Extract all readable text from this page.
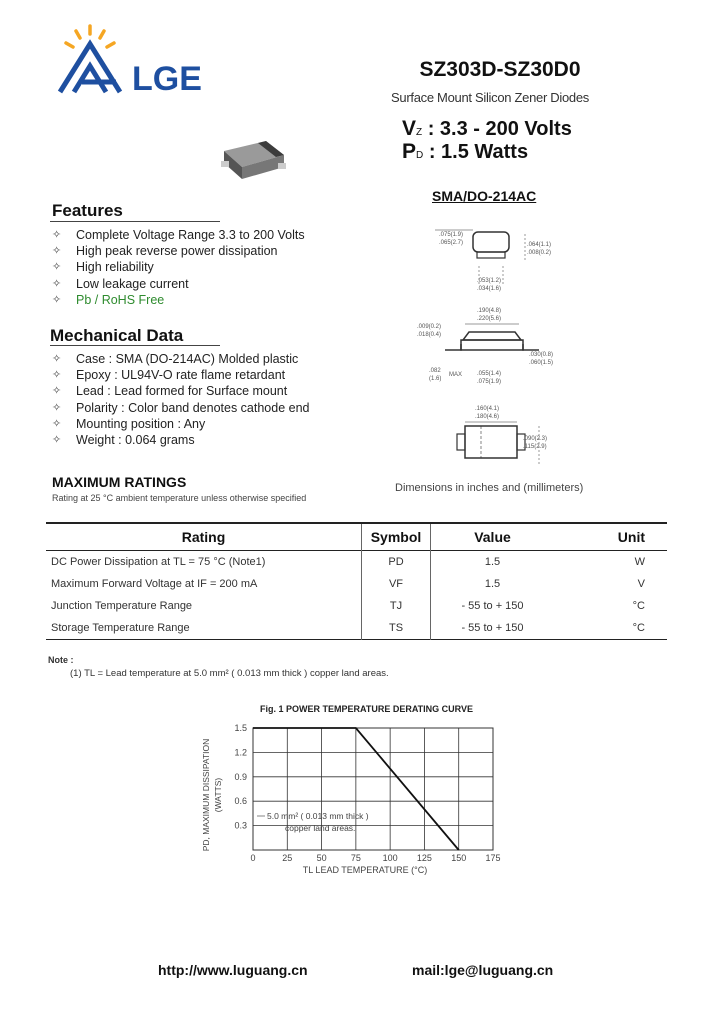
LGE	SZ303D-SZ30D0
Surface Mount Silicon Zener Diodes
VZ : 3.3 - 200 Volts
PD : 1.5 Watts
SMA/DO-214AC
.075(1.9)
.065(2.7)	.064(1.1)
.008(0.2)
.053(1.2)
.034(1.6)
.190(4.8)
.220(5.6)
.009(0.2)
.018(0.4)
.082
(1.6)
MAX .055(1.4)
.075(1.9)
.030(0.8)
.060(1.5)
.160(4.1)
.180(4.6)
.090(2.3)
.115(2.9)
Features
✧ Complete Voltage Range 3.3 to 200 Volts
✧ High peak reverse power dissipation
✧ High reliability
✧ Low leakage current
✧ Pb / RoHS Free
Mechanical Data
✧ Case : SMA (DO-214AC) Molded plastic
✧ Epoxy : UL94V-O rate flame retardant
✧ Lead : Lead formed for Surface mount
✧ Polarity : Color band denotes cathode end
✧ Mounting position : Any
✧ Weight : 0.064 grams
MAXIMUM RATINGS
Rating at 25 °C ambient temperature unless otherwise specified
Dimensions in inches and (millimeters)
Rating	Symbol	Value	Unit
DC Power Dissipation at TL = 75 °C (Note1)	PD	1.5	W
Maximum Forward Voltage at IF = 200 mA	VF	1.5	V
Junction Temperature Range	TJ	- 55 to + 150	°C
Storage Temperature Range	TS	- 55 to + 150	°C
Note :
(1) TL = Lead temperature at 5.0 mm² ( 0.013 mm thick ) copper land areas.
Fig. 1 POWER TEMPERATURE DERATING CURVE
0	25	50	75 100 125 150 175
0.3
0.6
0.9
1.2
1.5
PD, MAXIMUM DISSIPATION (WATTS)
TL LEAD TEMPERATURE (°C)
5.0 mm² ( 0.013 mm thick )
copper land areas.
http://www.luguang.cn	mail:lge@luguang.cn
